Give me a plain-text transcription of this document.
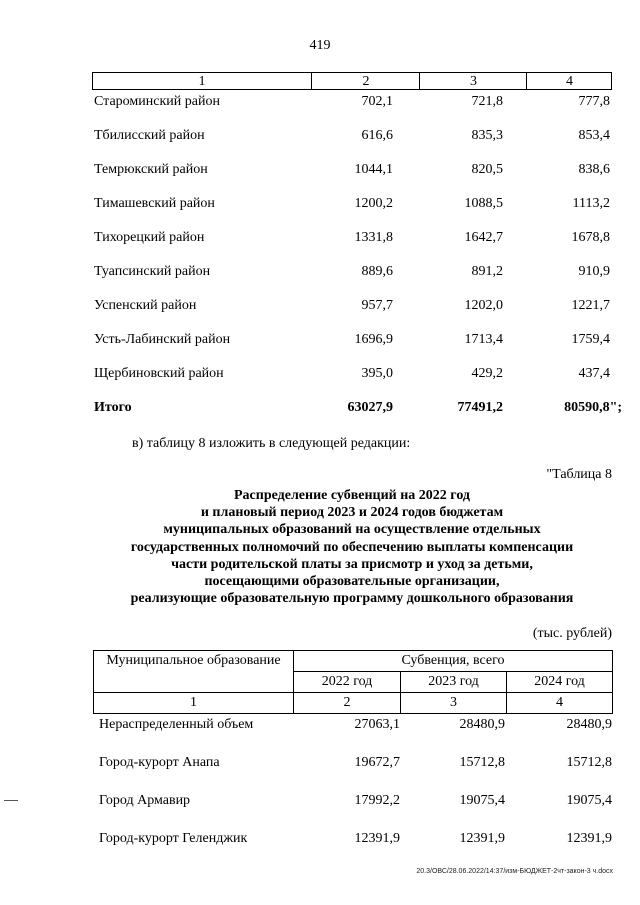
419
1	2	3	4
Староминский район	702,1	721,8	777,8
Тбилисский район	616,6	835,3	853,4
Темрюкский район	1044,1	820,5	838,6
Тимашевский район	1200,2	1088,5	1113,2
Тихорецкий район	1331,8	1642,7	1678,8
Туапсинский район	889,6	891,2	910,9
Успенский район	957,7	1202,0	1221,7
Усть-Лабинский район	1696,9	1713,4	1759,4
Щербиновский район	395,0	429,2	437,4
Итого	63027,9	77491,2	80590,8";
в) таблицу 8 изложить в следующей редакции:
"Таблица 8
Распределение субвенций на 2022 год
и плановый период 2023 и 2024 годов бюджетам
муниципальных образований на осуществление отдельных
государственных полномочий по обеспечению выплаты компенсации
части родительской платы за присмотр и уход за детьми,
посещающими образовательные организации,
реализующие образовательную программу дошкольного образования
(тыс. рублей)
Муниципальное образование	Субвенция, всего
2022 год	2023 год	2024 год
1	2	3	4
Нераспределенный объем	27063,1	28480,9	28480,9
Город-курорт Анапа	19672,7	15712,8	15712,8
Город Армавир	17992,2	19075,4	19075,4
Город-курорт Геленджик	12391,9	12391,9	12391,9
20.3/ОВС/28.06.2022/14:37/изм-БЮДЖЕТ-2чт-закон-3 ч.docx
